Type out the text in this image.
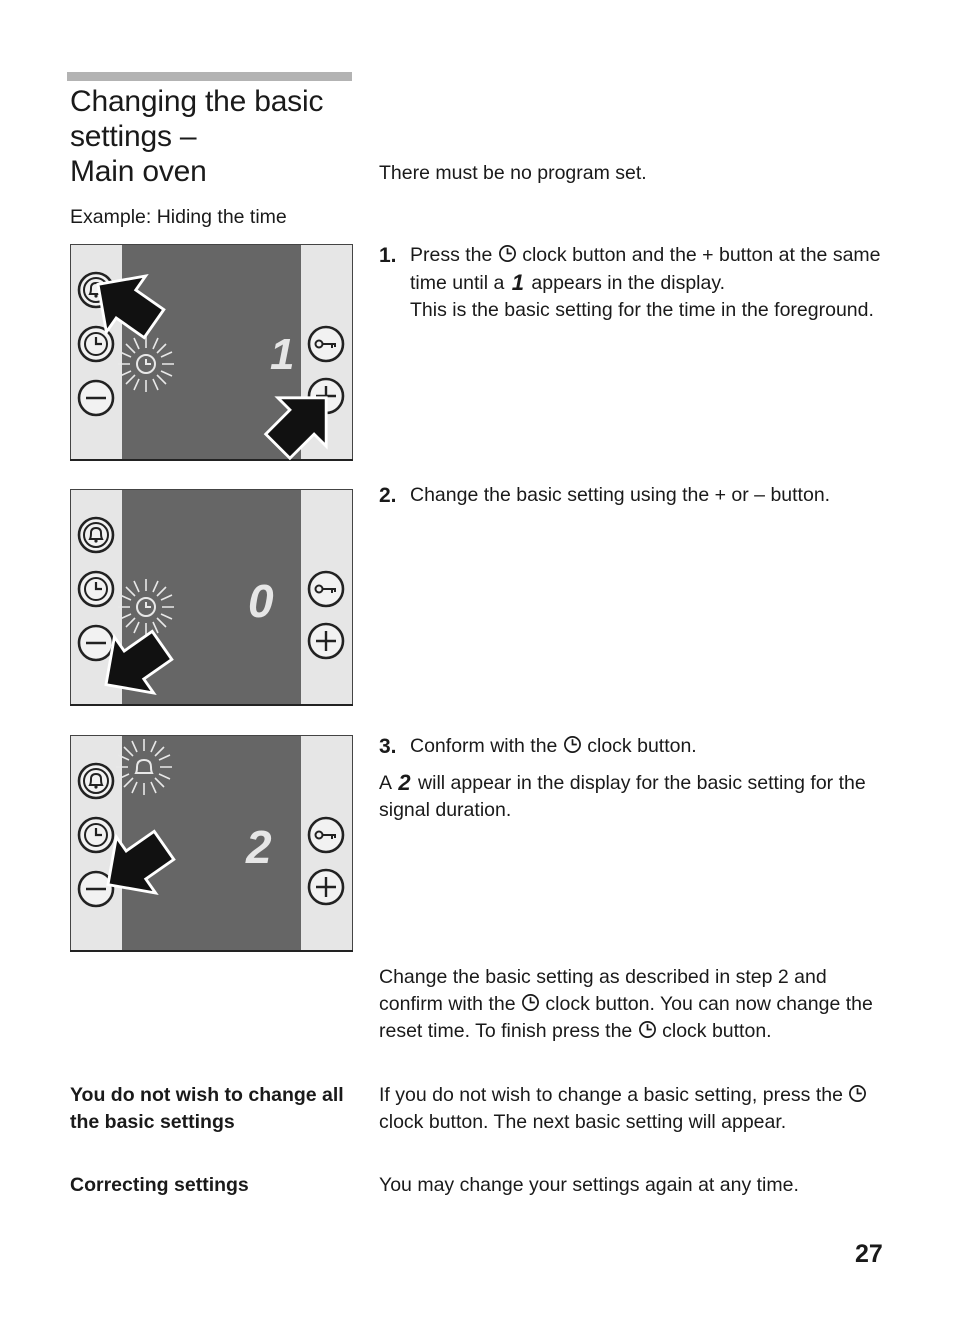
Changing the basic
settings –
Main oven
Example: Hiding the time
There must be no program set.
1
0
2
1. Press the clock button and the + button at the same time until a 1 appears in the display.
This is the basic setting for the time in the foreground.
2. Change the basic setting using the + or – button.
3. Conform with the clock button.
A 2 will appear in the display for the basic setting for the signal duration.
Change the basic setting as described in step 2 and confirm with the clock button. You can now change the reset time. To finish press the clock button.
You do not wish to change all the basic settings
If you do not wish to change a basic setting, press the  clock button. The next basic setting will appear.
Correcting settings	You may change your settings again at any time.
27
